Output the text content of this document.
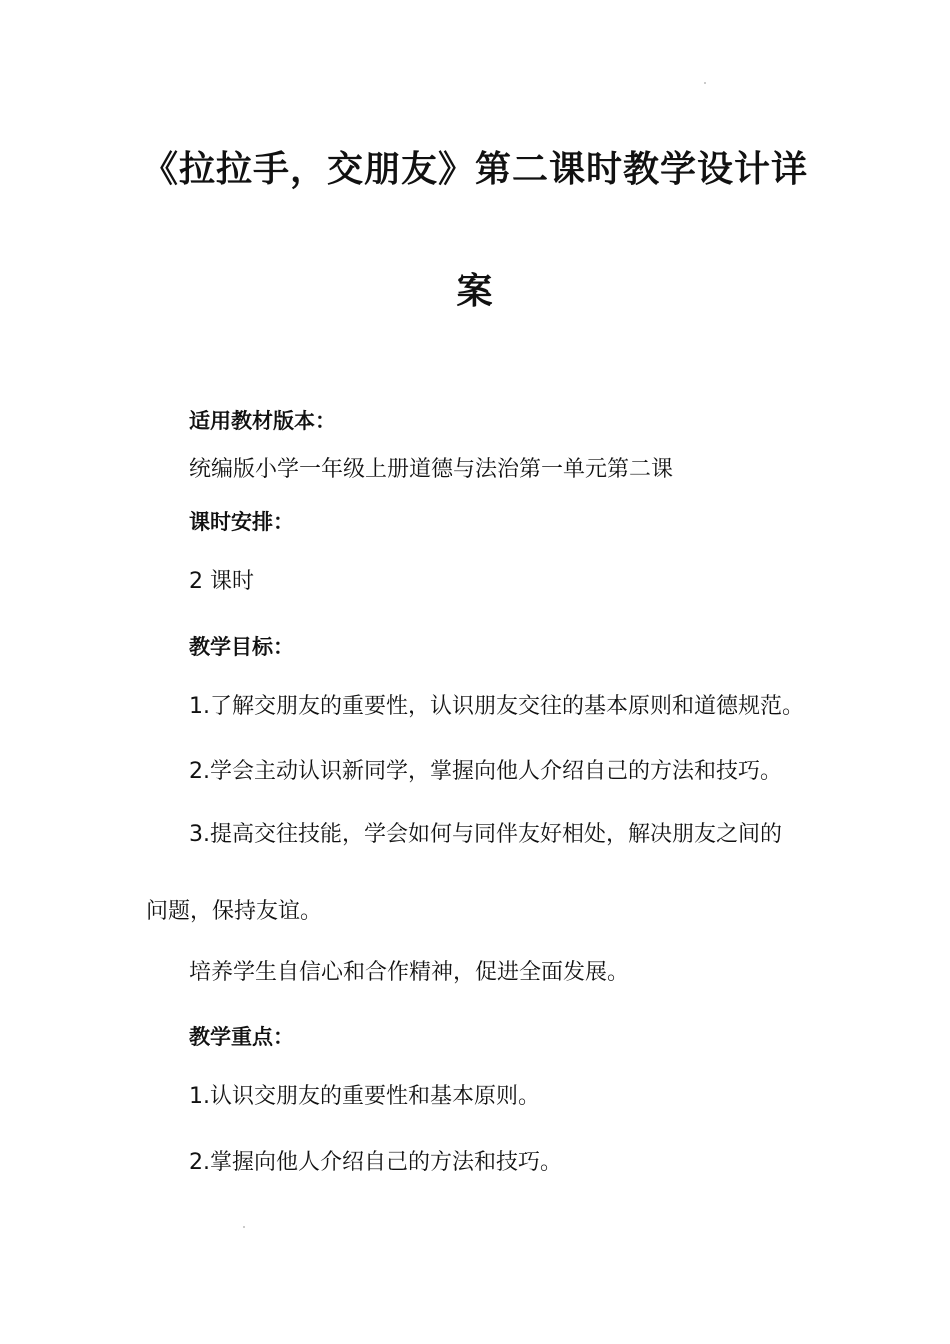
《拉拉手，交朋友》第二课时教学设计详
案
适用教材版本：
统编版小学一年级上册道德与法治第一单元第二课
课时安排：
2 课时
教学目标：
1.了解交朋友的重要性，认识朋友交往的基本原则和道德规范。
2.学会主动认识新同学，掌握向他人介绍自己的方法和技巧。
3.提高交往技能，学会如何与同伴友好相处，解决朋友之间的
问题，保持友谊。
培养学生自信心和合作精神，促进全面发展。
教学重点：
1.认识交朋友的重要性和基本原则。
2.掌握向他人介绍自己的方法和技巧。
